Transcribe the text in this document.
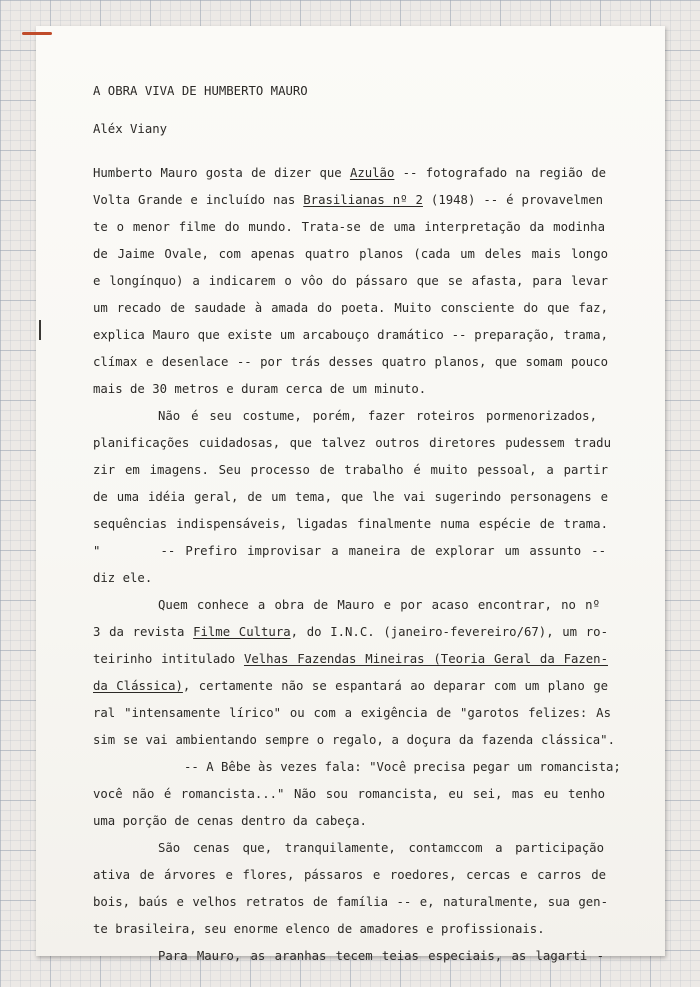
A OBRA VIVA DE HUMBERTO MAURO

Aléx Viany

Humberto Mauro gosta de dizer que Azulão -- fotografado na região de

Volta Grande e incluído nas Brasilianas nº 2 (1948) -- é provavelmen

te o menor filme do mundo. Trata-se de uma interpretação da modinha

de Jaime Ovale, com apenas quatro planos (cada um deles mais longo

e longínquo) a indicarem o vôo do pássaro que se afasta, para levar

um recado de saudade à amada do poeta. Muito consciente do que faz,

explica Mauro que existe um arcabouço dramático -- preparação, trama,

clímax e desenlace -- por trás desses quatro planos, que somam pouco

mais de 30 metros e duram cerca de um minuto.

Não é seu costume, porém, fazer roteiros pormenorizados,

planificações cuidadosas, que talvez outros diretores pudessem tradu

zir em imagens. Seu processo de trabalho é muito pessoal, a partir

de uma idéia geral, de um tema, que lhe vai sugerindo personagens e

sequências indispensáveis, ligadas finalmente numa espécie de trama.

"      -- Prefiro improvisar a maneira de explorar um assunto --

diz ele.

Quem conhece a obra de Mauro e por acaso encontrar, no nº

3 da revista Filme Cultura, do I.N.C. (janeiro-fevereiro/67), um ro-

teirinho intitulado Velhas Fazendas Mineiras (Teoria Geral da Fazen-

da Clássica), certamente não se espantará ao deparar com um plano ge

ral "intensamente lírico" ou com a exigência de "garotos felizes: As

sim se vai ambientando sempre o regalo, a doçura da fazenda clássica".

-- A Bêbe às vezes fala: "Você precisa pegar um romancista;

você não é romancista..." Não sou romancista, eu sei, mas eu tenho

uma porção de cenas dentro da cabeça.

São cenas que, tranquilamente, contamccom a participação

ativa de árvores e flores, pássaros e roedores, cercas e carros de

bois, baús e velhos retratos de família -- e, naturalmente, sua gen-

te brasileira, seu enorme elenco de amadores e profissionais.

Para Mauro, as aranhas tecem teias especiais, as lagarti -
